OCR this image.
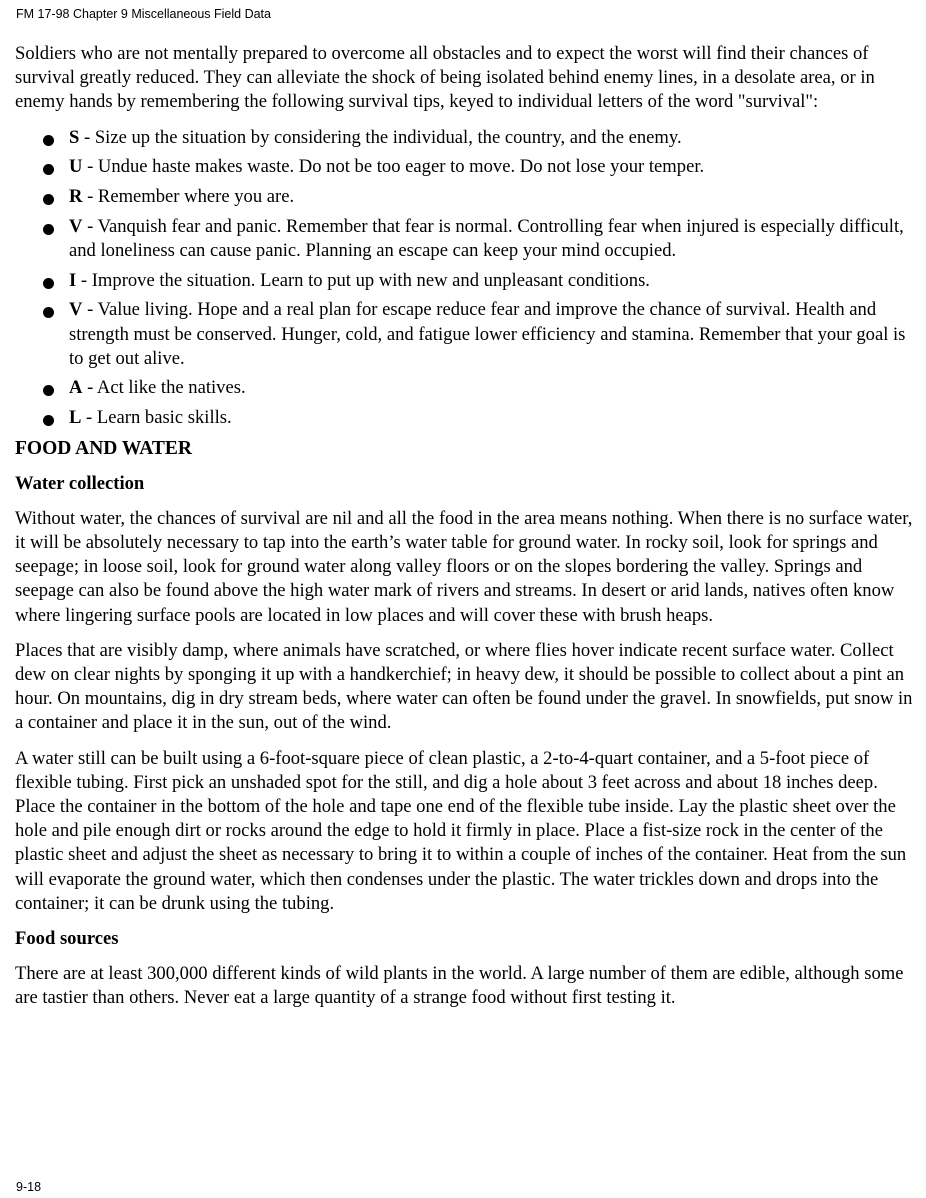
FM 17-98 Chapter 9 Miscellaneous Field Data

Soldiers who are not mentally prepared to overcome all obstacles and to expect the worst will find their chances of survival greatly reduced. They can alleviate the shock of being isolated behind enemy lines, in a desolate area, or in enemy hands by remembering the following survival tips, keyed to individual letters of the word "survival":

S - Size up the situation by considering the individual, the country, and the enemy.
U - Undue haste makes waste. Do not be too eager to move. Do not lose your temper.
R - Remember where you are.
V - Vanquish fear and panic. Remember that fear is normal. Controlling fear when injured is especially difficult, and loneliness can cause panic. Planning an escape can keep your mind occupied.
I - Improve the situation. Learn to put up with new and unpleasant conditions.
V - Value living. Hope and a real plan for escape reduce fear and improve the chance of survival. Health and strength must be conserved. Hunger, cold, and fatigue lower efficiency and stamina. Remember that your goal is to get out alive.
A - Act like the natives.
L - Learn basic skills.
FOOD AND WATER
Water collection

Without water, the chances of survival are nil and all the food in the area means nothing. When there is no surface water, it will be absolutely necessary to tap into the earth’s water table for ground water. In rocky soil, look for springs and seepage; in loose soil, look for ground water along valley floors or on the slopes bordering the valley. Springs and seepage can also be found above the high water mark of rivers and streams. In desert or arid lands, natives often know where lingering surface pools are located in low places and will cover these with brush heaps.

Places that are visibly damp, where animals have scratched, or where flies hover indicate recent surface water. Collect dew on clear nights by sponging it up with a handkerchief; in heavy dew, it should be possible to collect about a pint an hour. On mountains, dig in dry stream beds, where water can often be found under the gravel. In snowfields, put snow in a container and place it in the sun, out of the wind.

A water still can be built using a 6-foot-square piece of clean plastic, a 2-to-4-quart container, and a 5-foot piece of flexible tubing. First pick an unshaded spot for the still, and dig a hole about 3 feet across and about 18 inches deep. Place the container in the bottom of the hole and tape one end of the flexible tube inside. Lay the plastic sheet over the hole and pile enough dirt or rocks around the edge to hold it firmly in place. Place a fist-size rock in the center of the plastic sheet and adjust the sheet as necessary to bring it to within a couple of inches of the container. Heat from the sun will evaporate the ground water, which then condenses under the plastic. The water trickles down and drops into the container; it can be drunk using the tubing.

Food sources

There are at least 300,000 different kinds of wild plants in the world. A large number of them are edible, although some are tastier than others. Never eat a large quantity of a strange food without first testing it.

9-18
